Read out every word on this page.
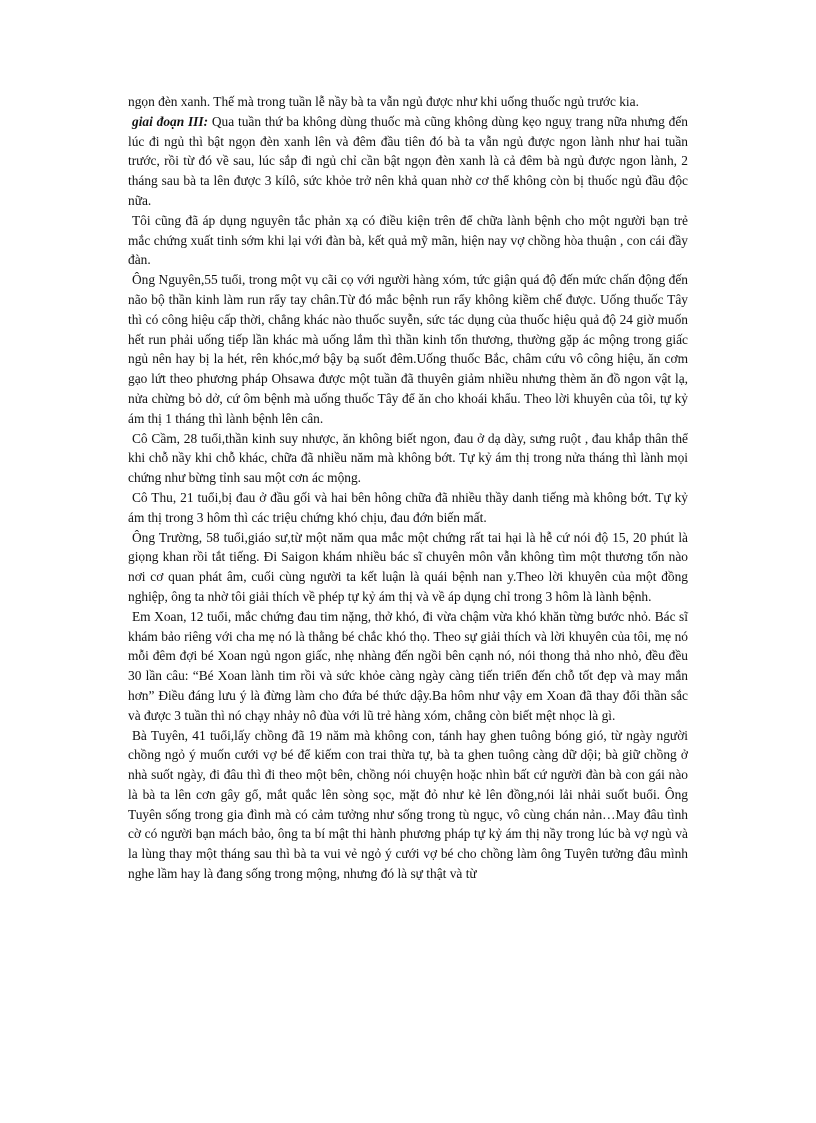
ngọn đèn xanh. Thế mà trong tuần lễ nầy bà ta vẫn ngủ được như khi uống thuốc ngủ trước kia.

giai đoạn III: Qua tuần thứ ba không dùng thuốc mà cũng không dùng kẹo nguỵ trang nữa nhưng đến lúc đi ngủ thì bật ngọn đèn xanh lên và đêm đầu tiên đó bà ta vẫn ngủ được ngon lành như hai tuần trước, rồi từ đó về sau, lúc sắp đi ngủ chỉ cần bật ngọn đèn xanh là cả đêm bà ngủ được ngon lành, 2 tháng sau bà ta lên được 3 kílô, sức khỏe trở nên khả quan nhờ cơ thể không còn bị thuốc ngủ đầu độc nữa.

Tôi cũng đã áp dụng nguyên tắc phản xạ có điều kiện trên để chữa lành bệnh cho một người bạn trẻ mắc chứng xuất tinh sớm khi lại với đàn bà, kết quả mỹ mãn, hiện nay vợ chồng hòa thuận , con cái đầy đàn.

Ông Nguyên,55 tuổi, trong một vụ cãi cọ với người hàng xóm, tức giận quá độ đến mức chấn động đến não bộ thần kinh làm run rẩy tay chân.Từ đó mắc bệnh run rẩy không kiềm chế được. Uống thuốc Tây thì có công hiệu cấp thời, chẳng khác nào thuốc suyễn, sức tác dụng của thuốc hiệu quả độ 24 giờ muốn hết run phải uống tiếp lần khác mà uống lắm thì thần kinh tổn thương, thường gặp ác mộng trong giấc ngủ nên hay bị la hét, rên khóc,mớ bậy bạ suốt đêm.Uống thuốc Bắc, châm cứu vô công hiệu, ăn cơm gạo lứt theo phương pháp Ohsawa được một tuần đã thuyên giảm nhiều nhưng thèm ăn đồ ngon vật lạ, nửa chừng bỏ dở, cứ ôm bệnh mà uống thuốc Tây để ăn cho khoái khẩu. Theo lời khuyên của tôi, tự kỷ ám thị 1 tháng thì lành bệnh lên cân.

Cô Cầm, 28 tuổi,thần kinh suy nhược, ăn không biết ngon, đau ở dạ dày, sưng ruột , đau khắp thân thể khi chỗ nầy khi chỗ khác, chữa đã nhiều năm mà không bớt. Tự kỷ ám thị trong nửa tháng thì lành mọi chứng như bừng tỉnh sau một cơn ác mộng.

Cô Thu, 21 tuổi,bị đau ở đầu gối và hai bên hông chữa đã nhiều thầy danh tiếng mà không bớt. Tự kỷ ám thị trong 3 hôm thì các triệu chứng khó chịu, đau đớn biến mất.

Ông Trường, 58 tuổi,giáo sư,từ một năm qua mắc một chứng rất tai hại là hễ cứ nói độ 15, 20 phút là giọng khan rồi tắt tiếng. Đi Saigon khám nhiều bác sĩ chuyên môn vẫn không tìm một thương tổn nào nơi cơ quan phát âm, cuối cùng người ta kết luận là quái bệnh nan y.Theo lời khuyên của một đồng nghiệp, ông ta nhờ tôi giải thích về phép tự kỷ ám thị và về áp dụng chỉ trong 3 hôm là lành bệnh.

Em Xoan, 12 tuổi, mắc chứng đau tim nặng, thở khó, đi vừa chậm vừa khó khăn từng bước nhỏ. Bác sĩ khám bảo riêng với cha mẹ nó là thằng bé chắc khó thọ. Theo sự giải thích và lời khuyên của tôi, mẹ nó mỗi đêm đợi bé Xoan ngủ ngon giấc, nhẹ nhàng đến ngồi bên cạnh nó, nói thong thả nho nhỏ, đều đều 30 lần câu: “Bé Xoan lành tim rồi và sức khỏe càng ngày càng tiến triển đến chỗ tốt đẹp và may mắn hơn” Điều đáng lưu ý là đừng làm cho đứa bé thức dậy.Ba hôm như vậy em Xoan đã thay đổi thần sắc và được 3 tuần thì nó chạy nhảy nô đùa với lũ trẻ hàng xóm, chẳng còn biết mệt nhọc là gì.

Bà Tuyên, 41 tuổi,lấy chồng đã 19 năm mà không con, tánh hay ghen tuông bóng gió, từ ngày người chồng ngỏ ý muốn cưới vợ bé để kiếm con trai thừa tự, bà ta ghen tuông càng dữ dội; bà giữ chồng ở nhà suốt ngày, đi đâu thì đi theo một bên, chồng nói chuyện hoặc nhìn bất cứ người đàn bà con gái nào là bà ta lên cơn gây gổ, mắt quắc lên sòng sọc, mặt đỏ như kẻ lên đồng,nói lải nhải suốt buổi. Ông Tuyên sống trong gia đình mà có cảm tưởng như sống trong tù ngục, vô cùng chán nản…May đâu tình cờ có người bạn mách bảo, ông ta bí mật thi hành phương pháp tự kỷ ám thị nầy trong lúc bà vợ ngủ và la lùng thay một tháng sau thì bà ta vui vẻ ngỏ ý cưới vợ bé cho chồng làm ông Tuyên tưởng đâu mình nghe lầm hay là đang sống trong mộng, nhưng đó là sự thật và từ
